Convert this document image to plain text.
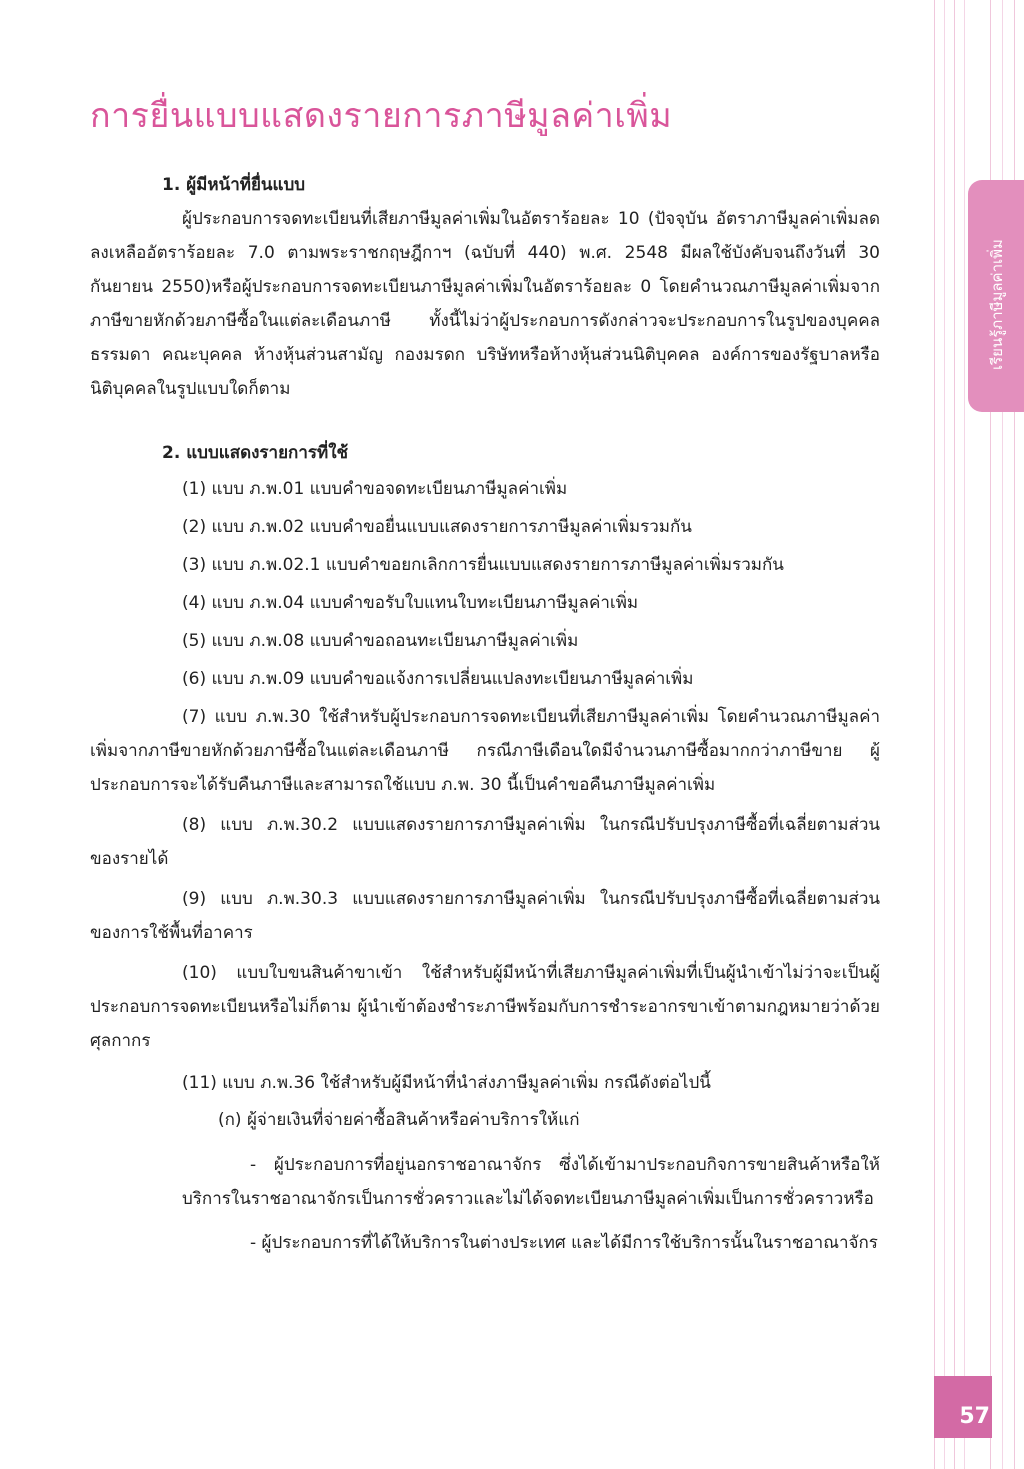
เรียนรู้ภาษีมูลค่าเพิ่ม
การยื่นแบบแสดงรายการภาษีมูลค่าเพิ่ม
1. ผู้มีหน้าที่ยื่นแบบ
ผู้ประกอบการจดทะเบียนที่เสียภาษีมูลค่าเพิ่มในอัตราร้อยละ 10 (ปัจจุบัน อัตราภาษีมูลค่าเพิ่มลดลงเหลืออัตราร้อยละ 7.0 ตามพระราชกฤษฎีกาฯ (ฉบับที่ 440) พ.ศ. 2548 มีผลใช้บังคับจนถึงวันที่ 30 กันยายน 2550)หรือผู้ประกอบการจดทะเบียนภาษีมูลค่าเพิ่มในอัตราร้อยละ 0 โดยคำนวณภาษีมูลค่าเพิ่มจากภาษีขายหักด้วยภาษีซื้อในแต่ละเดือนภาษี ทั้งนี้ไม่ว่าผู้ประกอบการดังกล่าวจะประกอบการในรูปของบุคคลธรรมดา คณะบุคคล ห้างหุ้นส่วนสามัญ กองมรดก บริษัทหรือห้างหุ้นส่วนนิติบุคคล องค์การของรัฐบาลหรือนิติบุคคลในรูปแบบใดก็ตาม
2. แบบแสดงรายการที่ใช้
(1) แบบ ภ.พ.01 แบบคำขอจดทะเบียนภาษีมูลค่าเพิ่ม
(2) แบบ ภ.พ.02 แบบคำขอยื่นแบบแสดงรายการภาษีมูลค่าเพิ่มรวมกัน
(3) แบบ ภ.พ.02.1 แบบคำขอยกเลิกการยื่นแบบแสดงรายการภาษีมูลค่าเพิ่มรวมกัน
(4) แบบ ภ.พ.04 แบบคำขอรับใบแทนใบทะเบียนภาษีมูลค่าเพิ่ม
(5) แบบ ภ.พ.08 แบบคำขอถอนทะเบียนภาษีมูลค่าเพิ่ม
(6) แบบ ภ.พ.09 แบบคำขอแจ้งการเปลี่ยนแปลงทะเบียนภาษีมูลค่าเพิ่ม
(7) แบบ ภ.พ.30 ใช้สำหรับผู้ประกอบการจดทะเบียนที่เสียภาษีมูลค่าเพิ่ม โดยคำนวณภาษีมูลค่าเพิ่มจากภาษีขายหักด้วยภาษีซื้อในแต่ละเดือนภาษี กรณีภาษีเดือนใดมีจำนวนภาษีซื้อมากกว่าภาษีขาย ผู้ประกอบการจะได้รับคืนภาษีและสามารถใช้แบบ ภ.พ. 30 นี้เป็นคำขอคืนภาษีมูลค่าเพิ่ม
(8) แบบ ภ.พ.30.2 แบบแสดงรายการภาษีมูลค่าเพิ่ม ในกรณีปรับปรุงภาษีซื้อที่เฉลี่ยตามส่วน ของรายได้
(9) แบบ ภ.พ.30.3 แบบแสดงรายการภาษีมูลค่าเพิ่ม ในกรณีปรับปรุงภาษีซื้อที่เฉลี่ยตามส่วน ของการใช้พื้นที่อาคาร
(10) แบบใบขนสินค้าขาเข้า ใช้สำหรับผู้มีหน้าที่เสียภาษีมูลค่าเพิ่มที่เป็นผู้นำเข้าไม่ว่าจะเป็นผู้ประกอบการจดทะเบียนหรือไม่ก็ตาม ผู้นำเข้าต้องชำระภาษีพร้อมกับการชำระอากรขาเข้าตามกฎหมายว่าด้วยศุลกากร
(11) แบบ ภ.พ.36 ใช้สำหรับผู้มีหน้าที่นำส่งภาษีมูลค่าเพิ่ม กรณีดังต่อไปนี้
(ก) ผู้จ่ายเงินที่จ่ายค่าซื้อสินค้าหรือค่าบริการให้แก่
- ผู้ประกอบการที่อยู่นอกราชอาณาจักร ซึ่งได้เข้ามาประกอบกิจการขายสินค้าหรือให้บริการในราชอาณาจักรเป็นการชั่วคราวและไม่ได้จดทะเบียนภาษีมูลค่าเพิ่มเป็นการชั่วคราวหรือ
- ผู้ประกอบการที่ได้ให้บริการในต่างประเทศ และได้มีการใช้บริการนั้นในราชอาณาจักร
57
